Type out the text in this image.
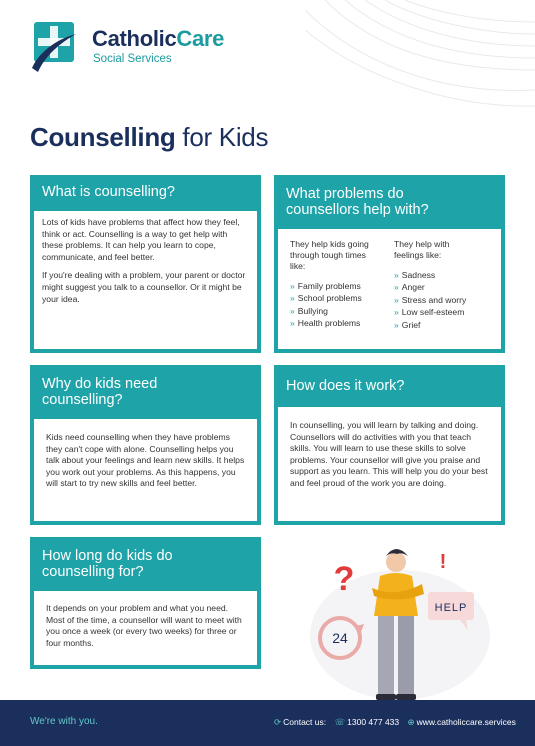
CatholicCare
Social Services
Counselling for Kids
What is counselling?

Lots of kids have problems that affect how they feel, think or act. Counselling is a way to get help with these problems. It can help you learn to cope, communicate, and feel better.

If you're dealing with a problem, your parent or doctor might suggest you talk to a counsellor. Or it might be your idea.

What problems do
counsellors help with?
They help kids going through tough times like:
» Family problems
» School problems
» Bullying
» Health problems
They help with feelings like:
» Sadness
» Anger
» Stress and worry
» Low self-esteem
» Grief
Why do kids need
counselling?

Kids need counselling when they have problems they can't cope with alone. Counselling helps you talk about your feelings and learn new skills. It helps you work out your problems. As this happens, you will start to try new skills and feel better.

How does it work?

In counselling, you will learn by talking and doing. Counsellors will do activities with you that teach skills. You will learn to use these skills to solve problems. Your counsellor will give you praise and support as you learn. This will help you do your best and feel proud of the work you are doing.

How long do kids do
counselling for?

It depends on your problem and what you need. Most of the time, a counsellor will want to meet with you once a week (or every two weeks) for three or four months.	24
?	!
HELP
We're with you.	⟳ Contact us: ☏ 1300 477 433 ⊕ www.catholiccare.services
